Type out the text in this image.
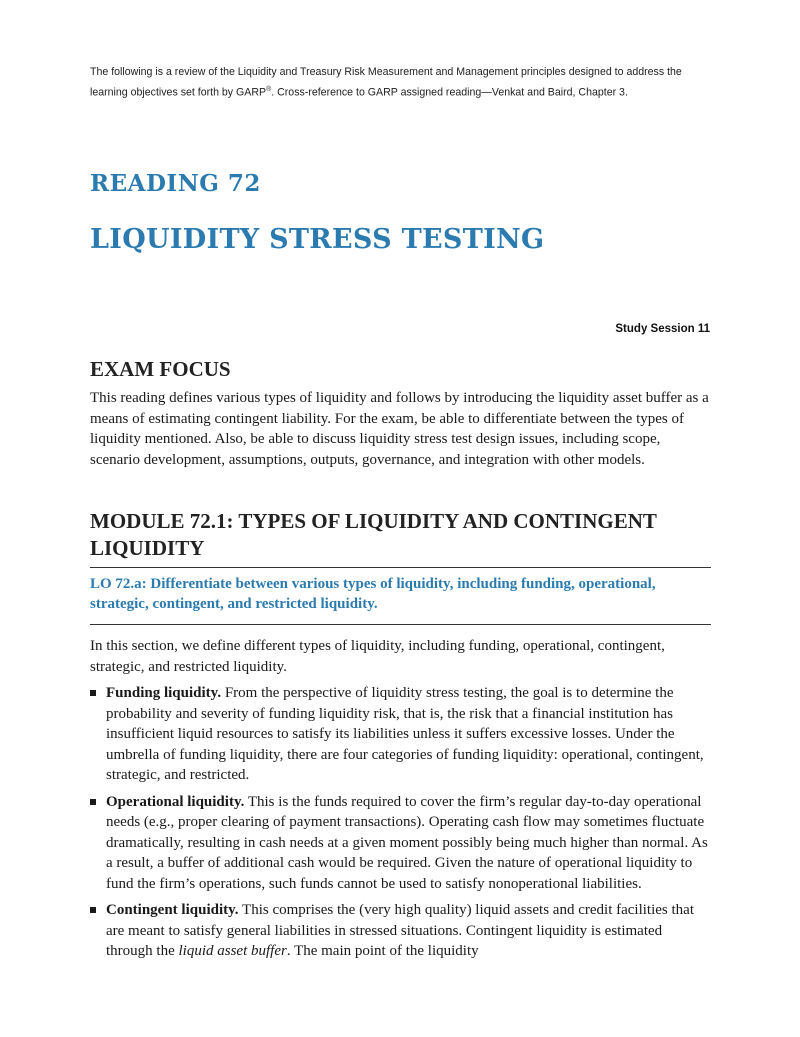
The following is a review of the Liquidity and Treasury Risk Measurement and Management principles designed to address the learning objectives set forth by GARP®. Cross-reference to GARP assigned reading—Venkat and Baird, Chapter 3.

READING 72
LIQUIDITY STRESS TESTING
Study Session 11
EXAM FOCUS

This reading defines various types of liquidity and follows by introducing the liquidity asset buffer as a means of estimating contingent liability. For the exam, be able to differentiate between the types of liquidity mentioned. Also, be able to discuss liquidity stress test design issues, including scope, scenario development, assumptions, outputs, governance, and integration with other models.

MODULE 72.1: TYPES OF LIQUIDITY AND CONTINGENT LIQUIDITY

LO 72.a: Differentiate between various types of liquidity, including funding, operational, strategic, contingent, and restricted liquidity.

In this section, we define different types of liquidity, including funding, operational, contingent, strategic, and restricted liquidity.

Funding liquidity. From the perspective of liquidity stress testing, the goal is to determine the probability and severity of funding liquidity risk, that is, the risk that a financial institution has insufficient liquid resources to satisfy its liabilities unless it suffers excessive losses. Under the umbrella of funding liquidity, there are four categories of funding liquidity: operational, contingent, strategic, and restricted.
Operational liquidity. This is the funds required to cover the firm’s regular day-to-day operational needs (e.g., proper clearing of payment transactions). Operating cash flow may sometimes fluctuate dramatically, resulting in cash needs at a given moment possibly being much higher than normal. As a result, a buffer of additional cash would be required. Given the nature of operational liquidity to fund the firm’s operations, such funds cannot be used to satisfy nonoperational liabilities.
Contingent liquidity. This comprises the (very high quality) liquid assets and credit facilities that are meant to satisfy general liabilities in stressed situations. Contingent liquidity is estimated through the liquid asset buffer. The main point of the liquidity
